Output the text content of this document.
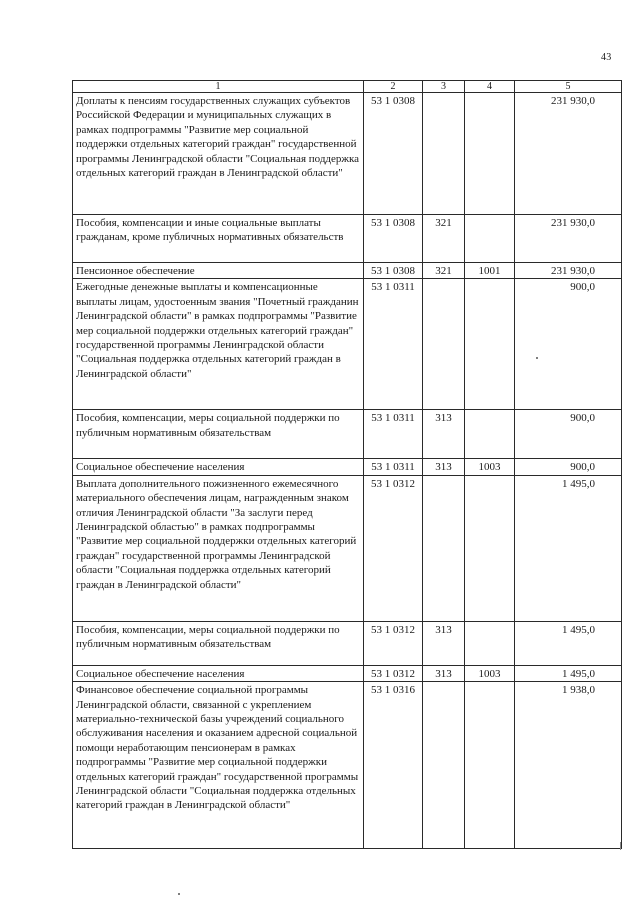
43
1	2	3	4	5
Доплаты к пенсиям государственных служащих субъектов Российской Федерации и муниципальных служащих в рамках подпрограммы "Развитие мер социальной поддержки отдельных категорий граждан" государственной программы Ленинградской области "Социальная поддержка отдельных категорий граждан в Ленинградской области"	53 1 0308			231 930,0
Пособия, компенсации и иные социальные выплаты гражданам, кроме публичных нормативных обязательств	53 1 0308	321		231 930,0
Пенсионное обеспечение	53 1 0308	321	1001	231 930,0
Ежегодные денежные выплаты и компенсационные выплаты лицам, удостоенным звания "Почетный гражданин Ленинградской области" в рамках подпрограммы "Развитие мер социальной поддержки отдельных категорий граждан" государственной программы Ленинградской области "Социальная поддержка отдельных категорий граждан в Ленинградской области"	53 1 0311			900,0
Пособия, компенсации, меры социальной поддержки по публичным нормативным обязательствам	53 1 0311	313		900,0
Социальное обеспечение населения	53 1 0311	313	1003	900,0
Выплата дополнительного пожизненного ежемесячного материального обеспечения лицам, награжденным знаком отличия Ленинградской области "За заслуги перед Ленинградской областью" в рамках подпрограммы "Развитие мер социальной поддержки отдельных категорий граждан" государственной программы Ленинградской области "Социальная поддержка отдельных категорий граждан в Ленинградской области"	53 1 0312			1 495,0
Пособия, компенсации, меры социальной поддержки по публичным нормативным обязательствам	53 1 0312	313		1 495,0
Социальное обеспечение населения	53 1 0312	313	1003	1 495,0
Финансовое обеспечение социальной программы Ленинградской области, связанной с укреплением материально-технической базы учреждений социального обслуживания населения и оказанием адресной социальной помощи неработающим пенсионерам в рамках подпрограммы "Развитие мер социальной поддержки отдельных категорий граждан" государственной программы Ленинградской области "Социальная поддержка отдельных категорий граждан в Ленинградской области"	53 1 0316			1 938,0
